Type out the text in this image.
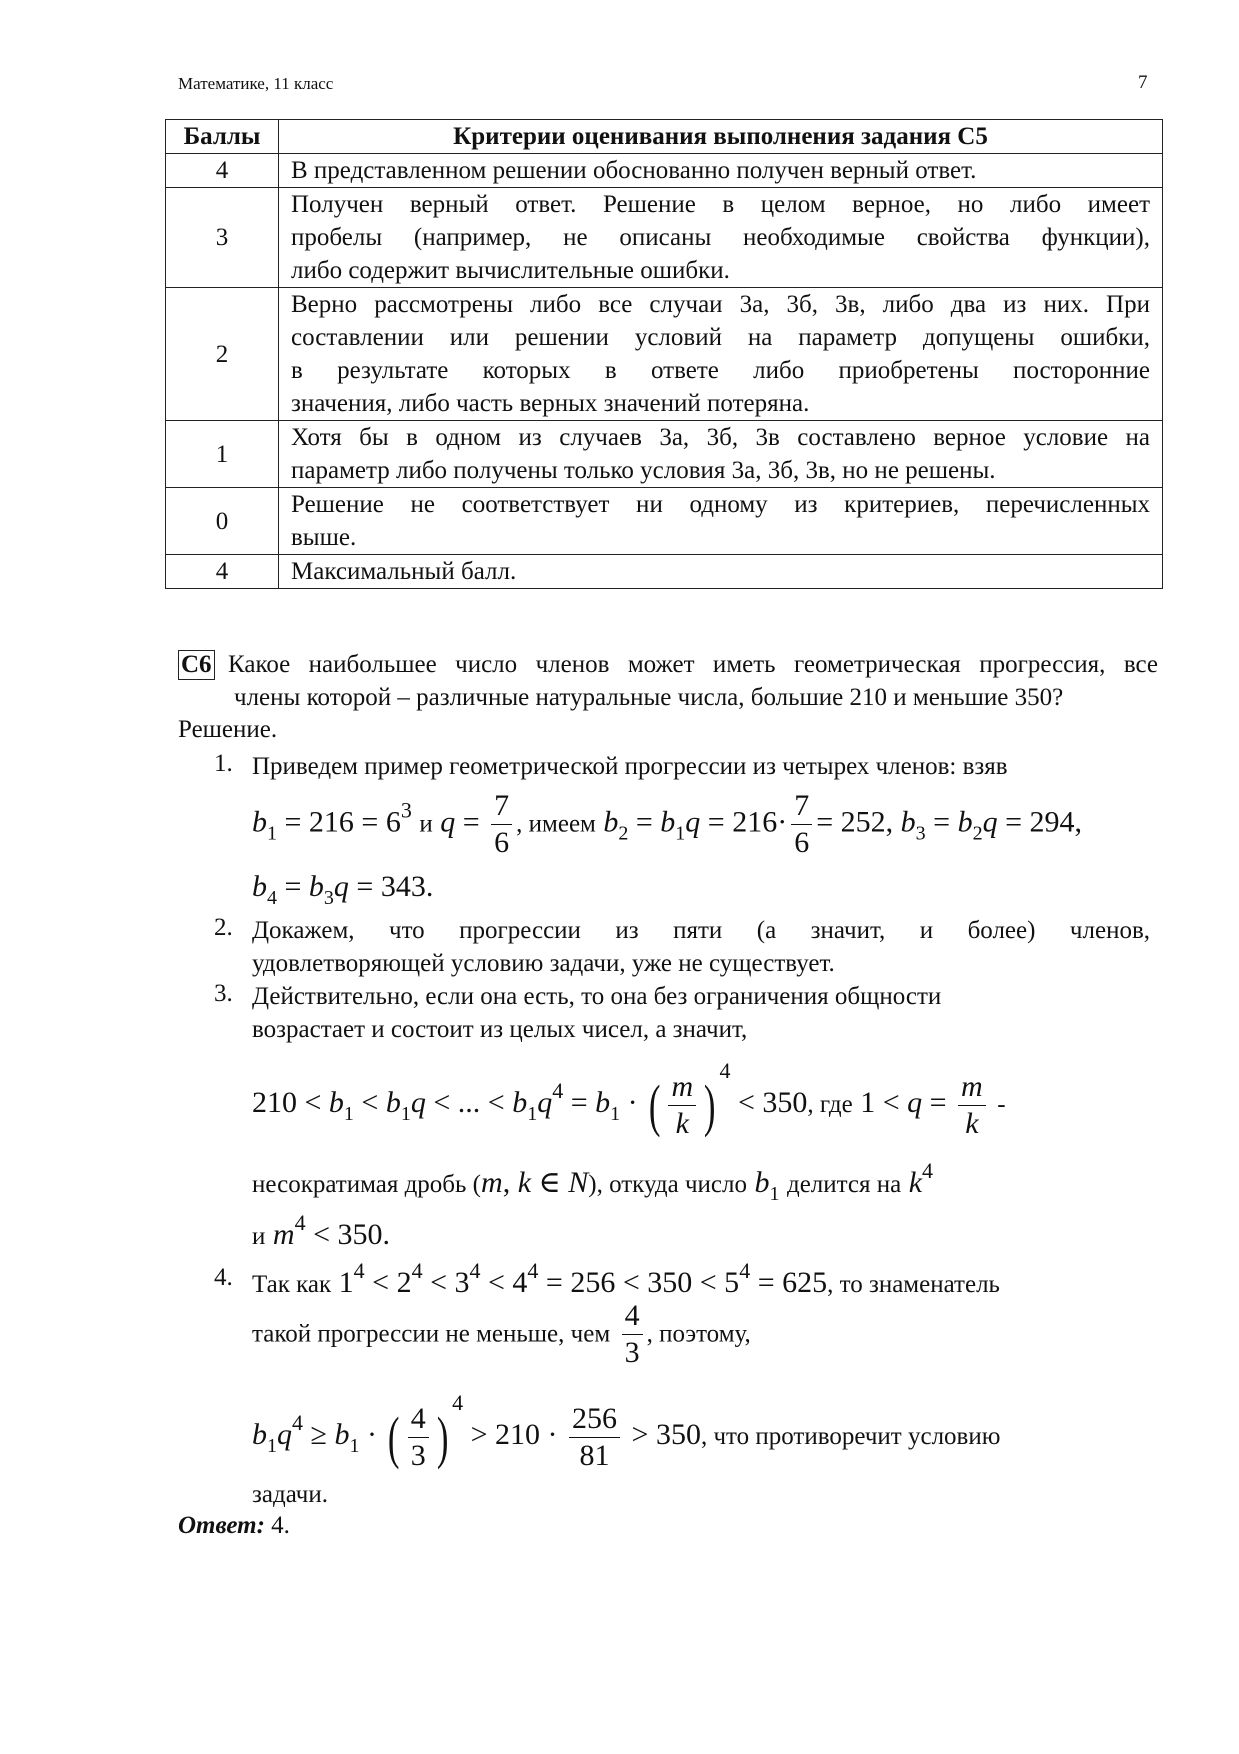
Математике, 11 класс	7
Баллы	Критерии оценивания выполнения задания С5
4	В представленном решении обоснованно получен верный ответ.
3	Получен верный ответ. Решение в целом верное, но либо имеет
пробелы (например, не описаны необходимые свойства функции),
либо содержит вычислительные ошибки.
2	Верно рассмотрены либо все случаи 3а, 3б, 3в, либо два из них. При
составлении или решении условий на параметр допущены ошибки,
в результате которых в ответе либо приобретены посторонние
значения, либо часть верных значений потеряна.
1	Хотя бы в одном из случаев 3а, 3б, 3в составлено верное условие на
параметр либо получены только условия 3а, 3б, 3в, но не решены.
0	Решение не соответствует ни одному из критериев, перечисленных
выше.
4	Максимальный балл.
С6 Какое наибольшее число членов может иметь геометрическая прогрессия, все
члены которой – различные натуральные числа, большие 210 и меньшие 350?
Решение.
1. Приведем пример геометрической прогрессии из четырех членов: взяв
$b_1 = 216 = 6^3$ и $q = \frac{7}{6}$ , имеем $b_2 = b_1q = 216\cdot \frac{7}{6} = 252$, $b_3 = b_2q = 294$,
$b_4 = b_3q = 343$.
2. Докажем, что прогрессии из пяти (а значит, и более) членов,
удовлетворяющей условию задачи, уже не существует.
3. Действительно, если она есть, то она без ограничения общности
возрастает и состоит из целых чисел, а значит,
$210 < b_1 < b_1q$ < ... < $b_1q^4 = b_1$ · ( $\frac{m}{k} )^4 < 350$, где $1 < q = \frac{m}{k}$ -
несократимая дробь (m, k ∈ N), откуда число $b_1$ делится на $k^4$
и $m^4 < 350$.
4. Так как $1^4 < 2^4 < 3^4 < 4^4 = 256 < 350 < 5^4 = 625$, то знаменатель
такой прогрессии не меньше, чем $\frac{4}{3}$ , поэтому,
$b_1q^4 \ge b_1$ · ( $\frac{4}{3} )^4 > 210 \cdot \frac{256}{81} > 350$, что противоречит условию
задачи.
Ответ: 4.
